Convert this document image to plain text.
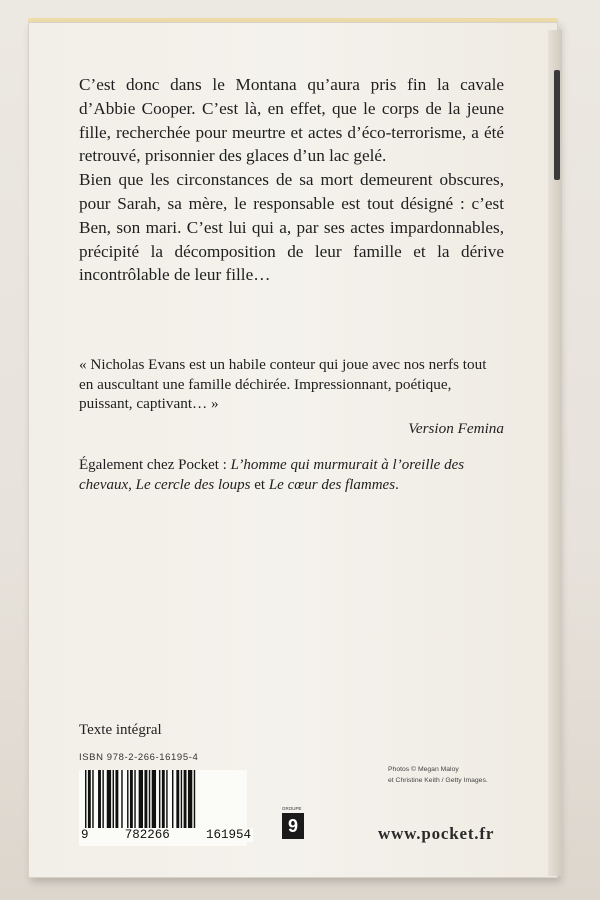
C’est donc dans le Montana qu’aura pris fin la cavale d’Abbie Cooper. C’est là, en effet, que le corps de la jeune fille, recherchée pour meurtre et actes d’éco-terrorisme, a été retrouvé, prisonnier des glaces d’un lac gelé.

Bien que les circonstances de sa mort demeurent obscures, pour Sarah, sa mère, le responsable est tout désigné : c’est Ben, son mari. C’est lui qui a, par ses actes impardonnables, précipité la décomposition de leur famille et la dérive incontrôlable de leur fille…

« Nicholas Evans est un habile conteur qui joue avec nos nerfs tout en auscultant une famille déchirée. Impressionnant, poétique, puissant, captivant… »

Version Femina
Également chez Pocket : L’homme qui murmurait à l’oreille des chevaux, Le cercle des loups et Le cœur des flammes.
Texte intégral
ISBN 978-2-266-16195-4
9	782266	161954
GROUPE
9
Photos © Megan Maloy
et Christine Keith / Getty Images.
www.pocket.fr
